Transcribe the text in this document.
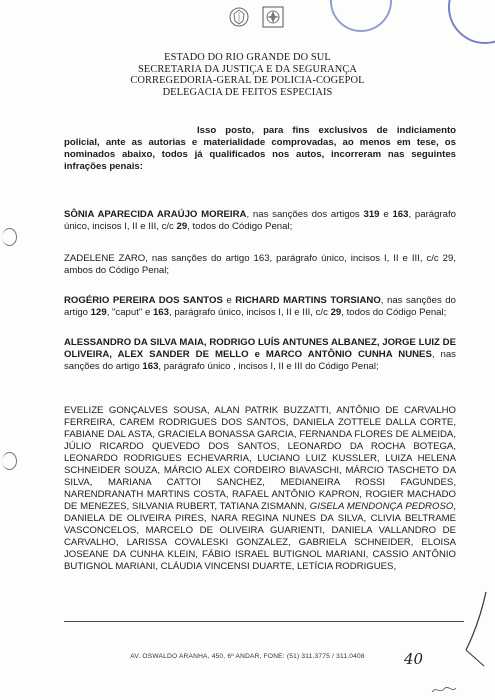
ESTADO DO RIO GRANDE DO SUL
SECRETARIA DA JUSTIÇA E DA SEGURANÇA
CORREGEDORIA-GERAL DE POLICIA-COGEPOL
DELEGACIA DE FEITOS ESPECIAIS

Isso posto, para fins exclusivos de indiciamento policial, ante as autorias e materialidade comprovadas, ao menos em tese, os nominados abaixo, todos já qualificados nos autos, incorreram nas seguintes infrações penais:

SÔNIA APARECIDA ARAÚJO MOREIRA, nas sanções dos artigos 319 e 163, parágrafo único, incisos I, II e III, c/c 29, todos do Código Penal;

ZADELENE ZARO, nas sanções do artigo 163, parágrafo único, incisos I, II e III, c/c 29, ambos do Código Penal;

ROGÉRIO PEREIRA DOS SANTOS e RICHARD MARTINS TORSIANO, nas sanções do artigo 129, "caput" e 163, parágrafo único, incisos I, II e III, c/c 29, todos do Código Penal;

ALESSANDRO DA SILVA MAIA, RODRIGO LUÍS ANTUNES ALBANEZ, JORGE LUIZ DE OLIVEIRA, ALEX SANDER DE MELLO e MARCO ANTÔNIO CUNHA NUNES, nas sanções do artigo 163, parágrafo único , incisos I, II e III do Código Penal;

EVELIZE GONÇALVES SOUSA, ALAN PATRIK BUZZATTI, ANTÔNIO DE CARVALHO FERREIRA, CAREM RODRIGUES DOS SANTOS, DANIELA ZOTTELE DALLA CORTE, FABIANE DAL ASTA, GRACIELA BONASSA GARCIA, FERNANDA FLORES DE ALMEIDA, JÚLIO RICARDO QUEVEDO DOS SANTOS, LEONARDO DA ROCHA BOTEGA, LEONARDO RODRIGUES ECHEVARRIA, LUCIANO LUIZ KUSSLER, LUIZA HELENA SCHNEIDER SOUZA, MÁRCIO ALEX CORDEIRO BIAVASCHI, MÁRCIO TASCHETO DA SILVA, MARIANA CATTOI SANCHEZ, MEDIANEIRA ROSSI FAGUNDES, NARENDRANATH MARTINS COSTA, RAFAEL ANTÔNIO KAPRON, ROGIER MACHADO DE MENEZES, SILVANIA RUBERT, TATIANA ZISMANN, GISELA MENDONÇA PEDROSO, DANIELA DE OLIVEIRA PIRES, NARA REGINA NUNES DA SILVA, CLIVIA BELTRAME VASCONCELOS, MARCELO DE OLIVEIRA GUARIENTI, DANIELA VALLANDRO DE CARVALHO, LARISSA COVALESKI GONZALEZ, GABRIELA SCHNEIDER, ELOISA JOSEANE DA CUNHA KLEIN, FÁBIO ISRAEL BUTIGNOL MARIANI, CASSIO ANTÔNIO BUTIGNOL MARIANI, CLÁUDIA VINCENSI DUARTE, LETÍCIA RODRIGUES,

AV. OSWALDO ARANHA, 450, 6º ANDAR, FONE: (51) 311.3775 / 311.0408	40
